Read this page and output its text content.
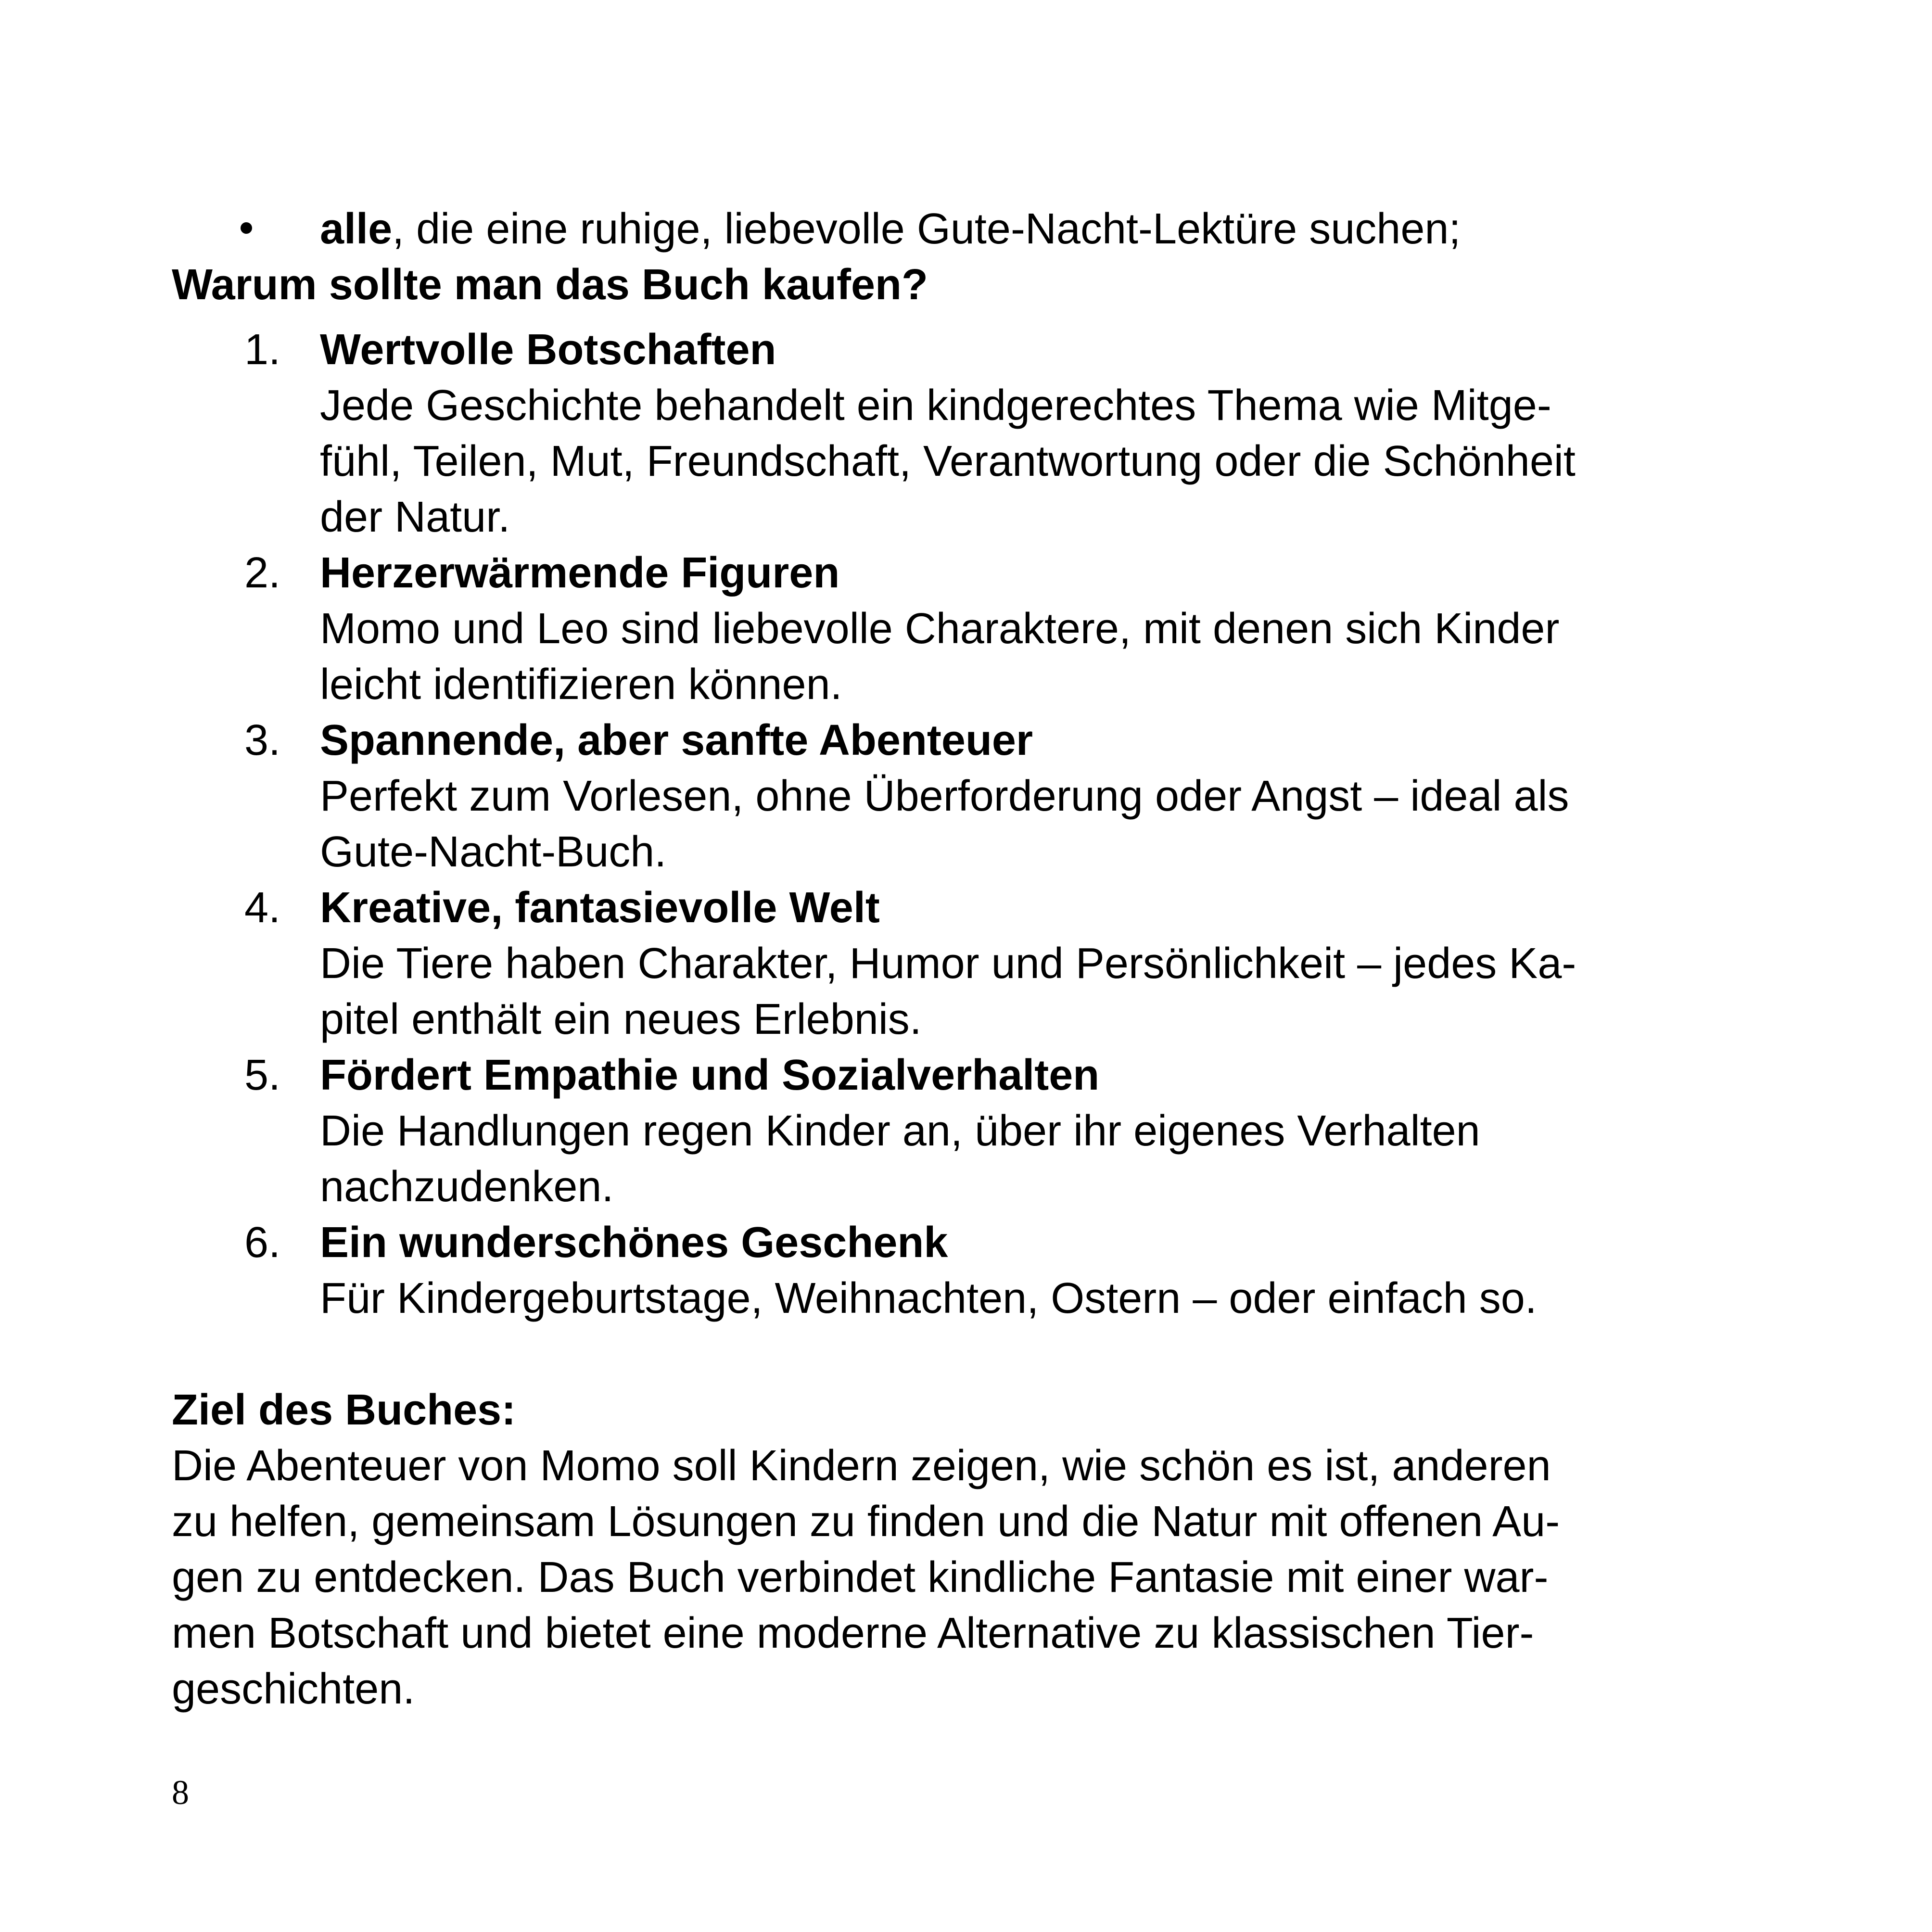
alle, die eine ruhige, liebevolle Gute-Nacht-Lektüre suchen;
Warum sollte man das Buch kaufen?
1. Wertvolle Botschaften
Jede Geschichte behandelt ein kindgerechtes Thema wie Mitge-
fühl, Teilen, Mut, Freundschaft, Verantwortung oder die Schönheit
der Natur.
2. Herzerwärmende Figuren
Momo und Leo sind liebevolle Charaktere, mit denen sich Kinder
leicht identifizieren können.
3. Spannende, aber sanfte Abenteuer
Perfekt zum Vorlesen, ohne Überforderung oder Angst – ideal als
Gute-Nacht-Buch.
4. Kreative, fantasievolle Welt
Die Tiere haben Charakter, Humor und Persönlichkeit – jedes Ka-
pitel enthält ein neues Erlebnis.
5. Fördert Empathie und Sozialverhalten
Die Handlungen regen Kinder an, über ihr eigenes Verhalten
nachzudenken.
6. Ein wunderschönes Geschenk
Für Kindergeburtstage, Weihnachten, Ostern – oder einfach so.
Ziel des Buches:
Die Abenteuer von Momo soll Kindern zeigen, wie schön es ist, anderen
zu helfen, gemeinsam Lösungen zu finden und die Natur mit offenen Au-
gen zu entdecken. Das Buch verbindet kindliche Fantasie mit einer war-
men Botschaft und bietet eine moderne Alternative zu klassischen Tier-
geschichten.
8
